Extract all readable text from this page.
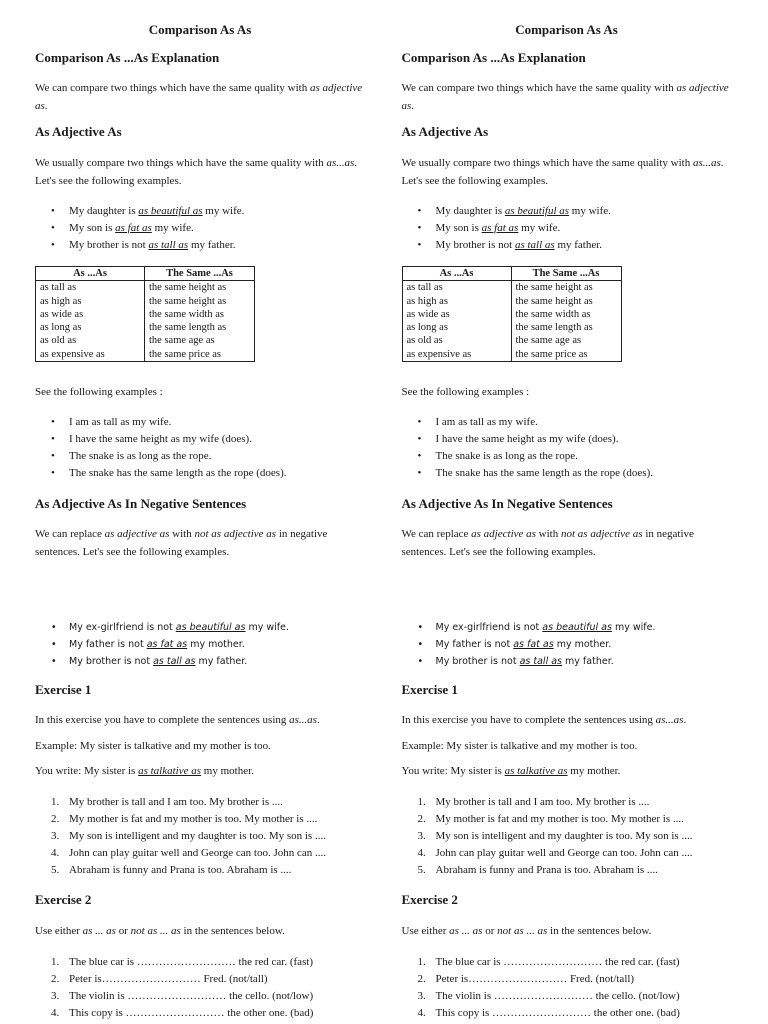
Comparison As As
Comparison As ...As Explanation

We can compare two things which have the same quality with as adjective as.

As Adjective As

We usually compare two things which have the same quality with as...as. Let's see the following examples.

• My daughter is as beautiful as my wife.
• My son is as fat as my wife.
• My brother is not as tall as my father.
As ...As	The Same ...As
as tall as	the same height as
as high as	the same height as
as wide as	the same width as
as long as	the same length as
as old as	the same age as
as expensive as	the same price as

See the following examples :

• I am as tall as my wife.
• I have the same height as my wife (does).
• The snake is as long as the rope.
• The snake has the same length as the rope (does).
As Adjective As In Negative Sentences

We can replace as adjective as with not as adjective as in negative sentences. Let's see the following examples.

• My ex-girlfriend is not as beautiful as my wife.
• My father is not as fat as my mother.
• My brother is not as tall as my father.
Exercise 1

In this exercise you have to complete the sentences using as...as.

Example: My sister is talkative and my mother is too.

You write: My sister is as talkative as my mother.

1. My brother is tall and I am too. My brother is ....
2. My mother is fat and my mother is too. My mother is ....
3. My son is intelligent and my daughter is too. My son is ....
4. John can play guitar well and George can too. John can ....
5. Abraham is funny and Prana is too. Abraham is ....
Exercise 2

Use either as ... as or not as ... as in the sentences below.

1. The blue car is ……………………… the red car. (fast)
2. Peter is……………………… Fred. (not/tall)
3. The violin is ……………………… the cello. (not/low)
4. This copy is ……………………… the other one. (bad)
Comparison As As
Comparison As ...As Explanation

We can compare two things which have the same quality with as adjective as.

As Adjective As

We usually compare two things which have the same quality with as...as. Let's see the following examples.

• My daughter is as beautiful as my wife.
• My son is as fat as my wife.
• My brother is not as tall as my father.
As ...As	The Same ...As
as tall as	the same height as
as high as	the same height as
as wide as	the same width as
as long as	the same length as
as old as	the same age as
as expensive as	the same price as

See the following examples :

• I am as tall as my wife.
• I have the same height as my wife (does).
• The snake is as long as the rope.
• The snake has the same length as the rope (does).
As Adjective As In Negative Sentences

We can replace as adjective as with not as adjective as in negative sentences. Let's see the following examples.

• My ex-girlfriend is not as beautiful as my wife.
• My father is not as fat as my mother.
• My brother is not as tall as my father.
Exercise 1

In this exercise you have to complete the sentences using as...as.

Example: My sister is talkative and my mother is too.

You write: My sister is as talkative as my mother.

1. My brother is tall and I am too. My brother is ....
2. My mother is fat and my mother is too. My mother is ....
3. My son is intelligent and my daughter is too. My son is ....
4. John can play guitar well and George can too. John can ....
5. Abraham is funny and Prana is too. Abraham is ....
Exercise 2

Use either as ... as or not as ... as in the sentences below.

1. The blue car is ……………………… the red car. (fast)
2. Peter is……………………… Fred. (not/tall)
3. The violin is ……………………… the cello. (not/low)
4. This copy is ……………………… the other one. (bad)
